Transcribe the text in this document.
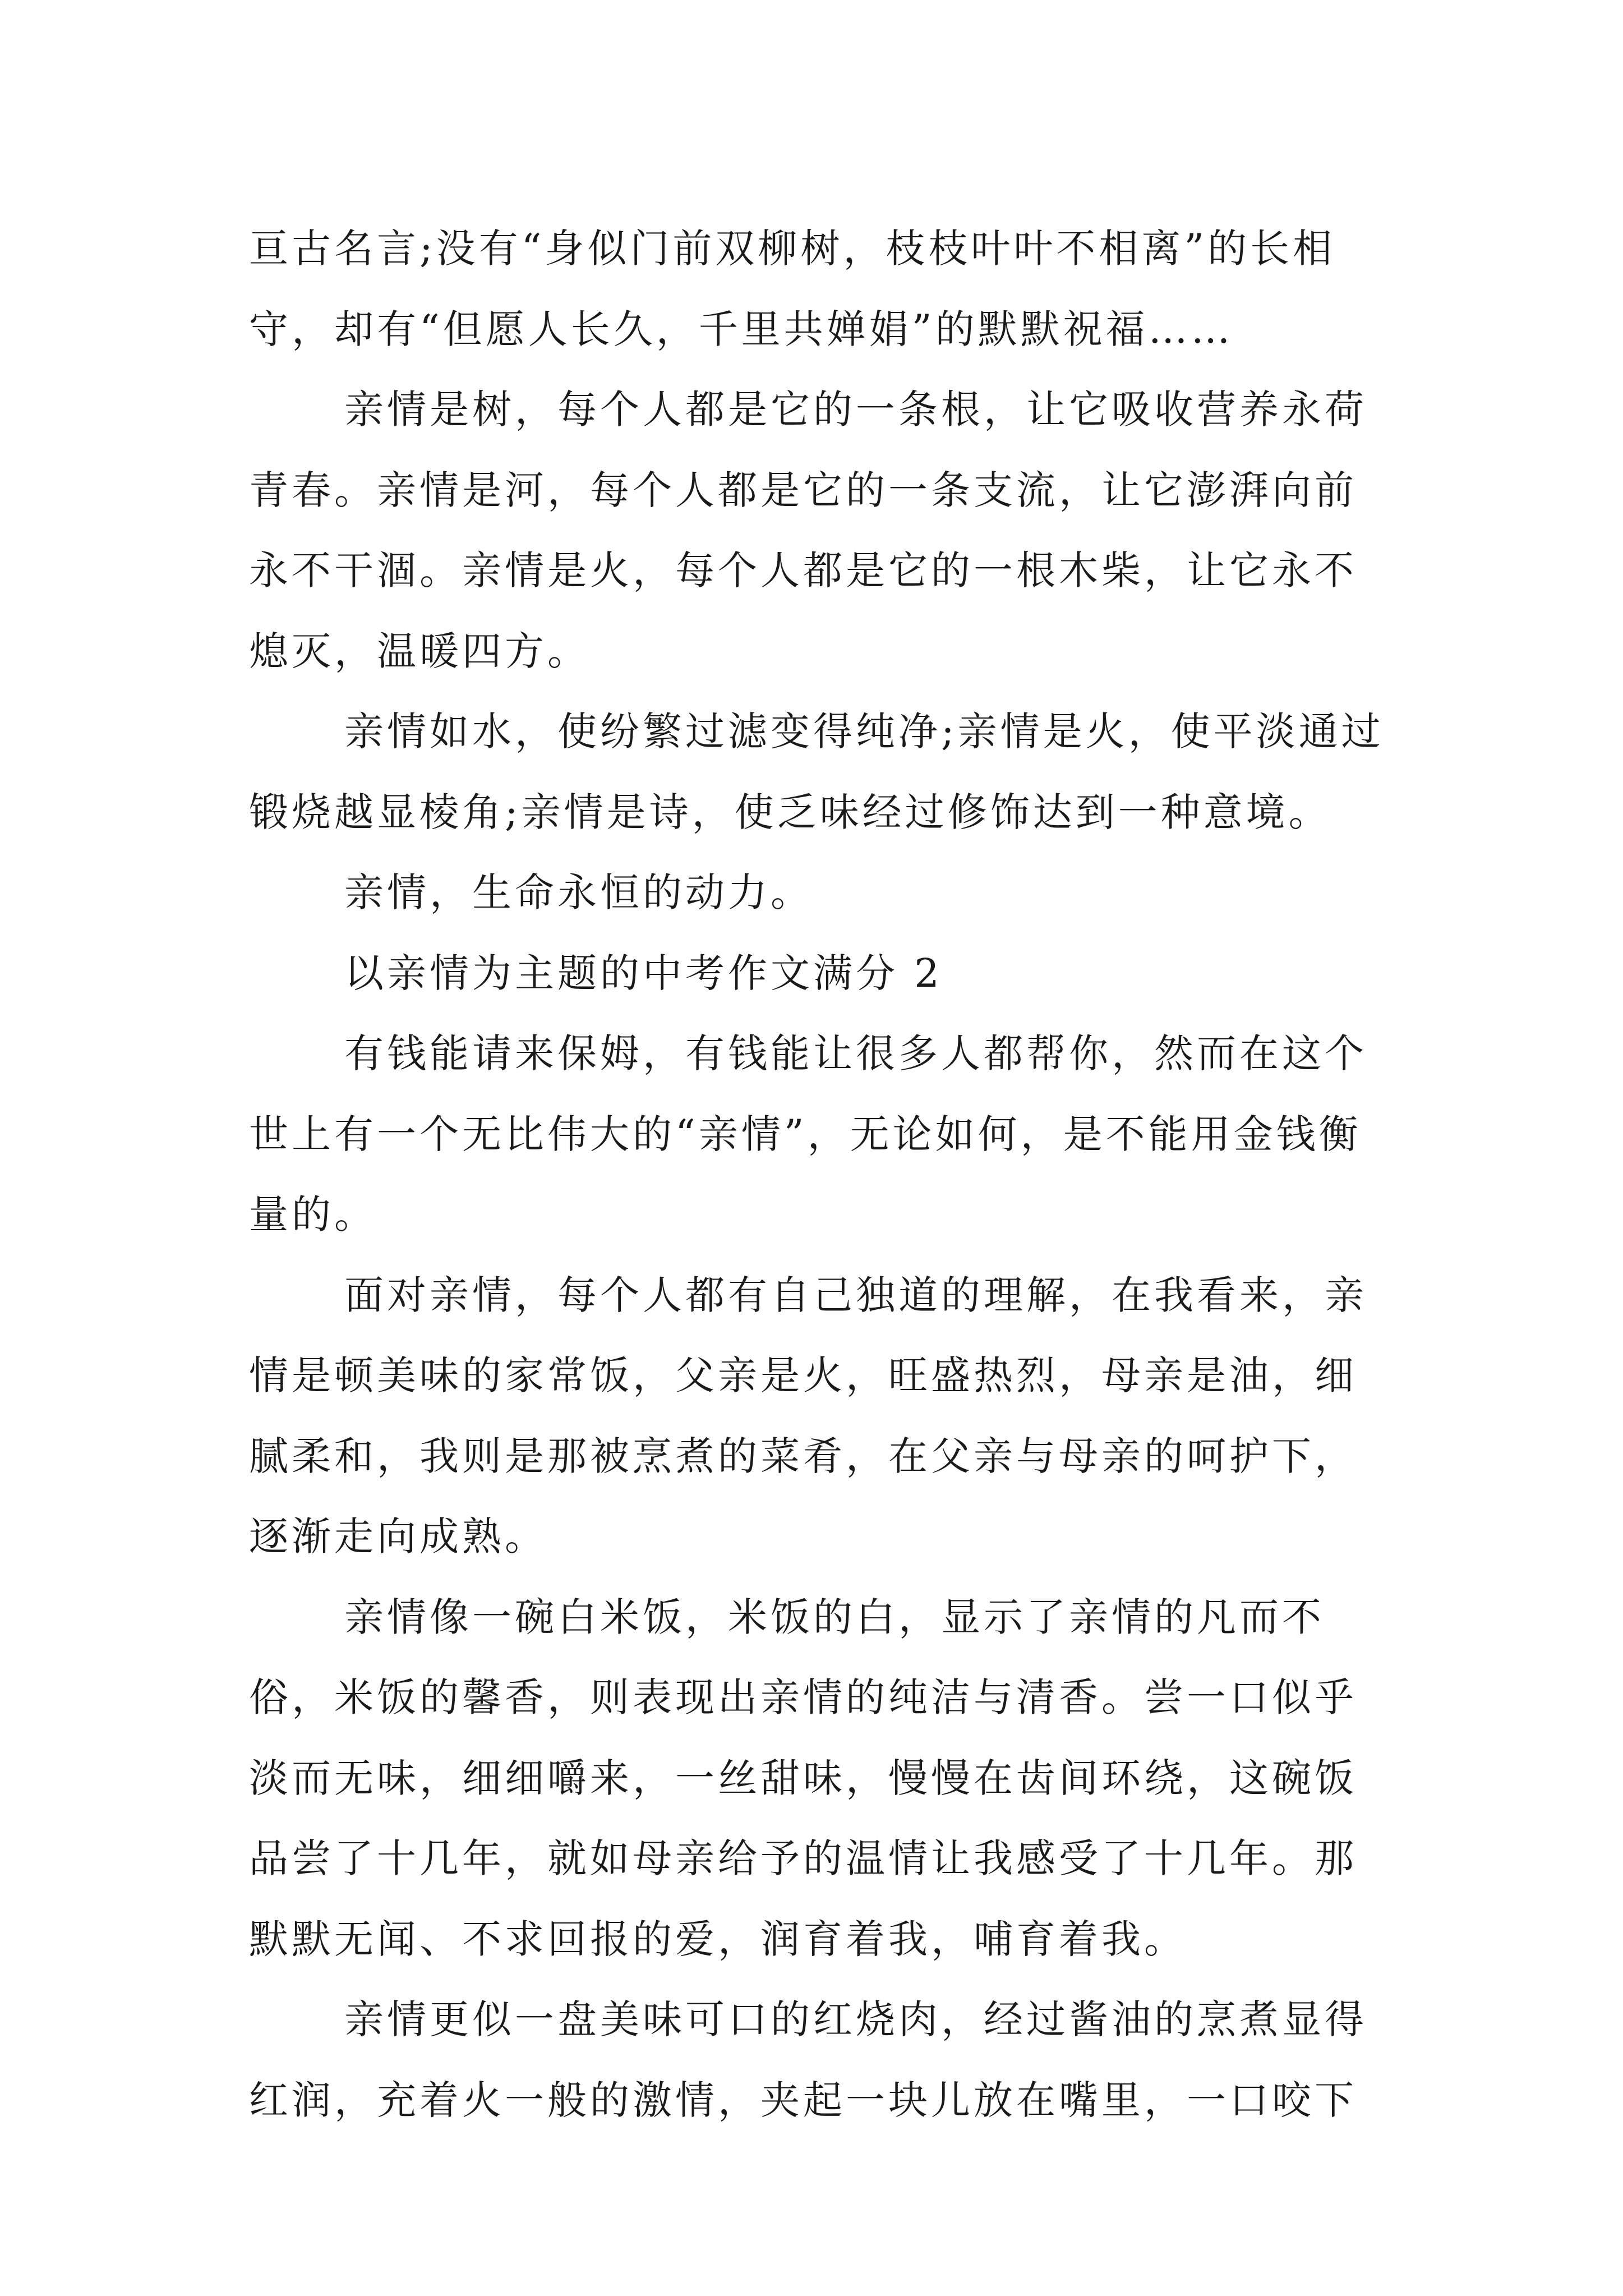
亘古名言;没有“身似门前双柳树，枝枝叶叶不相离”的长相守，却有“但愿人长久，千里共婵娟”的默默祝福……

亲情是树，每个人都是它的一条根，让它吸收营养永荷青春。亲情是河，每个人都是它的一条支流，让它澎湃向前永不干涸。亲情是火，每个人都是它的一根木柴，让它永不熄灭，温暖四方。

亲情如水，使纷繁过滤变得纯净;亲情是火，使平淡通过锻烧越显棱角;亲情是诗，使乏味经过修饰达到一种意境。

亲情，生命永恒的动力。

以亲情为主题的中考作文满分 2

有钱能请来保姆，有钱能让很多人都帮你，然而在这个世上有一个无比伟大的“亲情”，无论如何，是不能用金钱衡量的。

面对亲情，每个人都有自己独道的理解，在我看来，亲情是顿美味的家常饭，父亲是火，旺盛热烈，母亲是油，细腻柔和，我则是那被烹煮的菜肴，在父亲与母亲的呵护下，逐渐走向成熟。

亲情像一碗白米饭，米饭的白，显示了亲情的凡而不俗，米饭的馨香，则表现出亲情的纯洁与清香。尝一口似乎淡而无味，细细嚼来，一丝甜味，慢慢在齿间环绕，这碗饭品尝了十几年，就如母亲给予的温情让我感受了十几年。那默默无闻、不求回报的爱，润育着我，哺育着我。

亲情更似一盘美味可口的红烧肉，经过酱油的烹煮显得红润，充着火一般的激情，夹起一块儿放在嘴里，一口咬下
